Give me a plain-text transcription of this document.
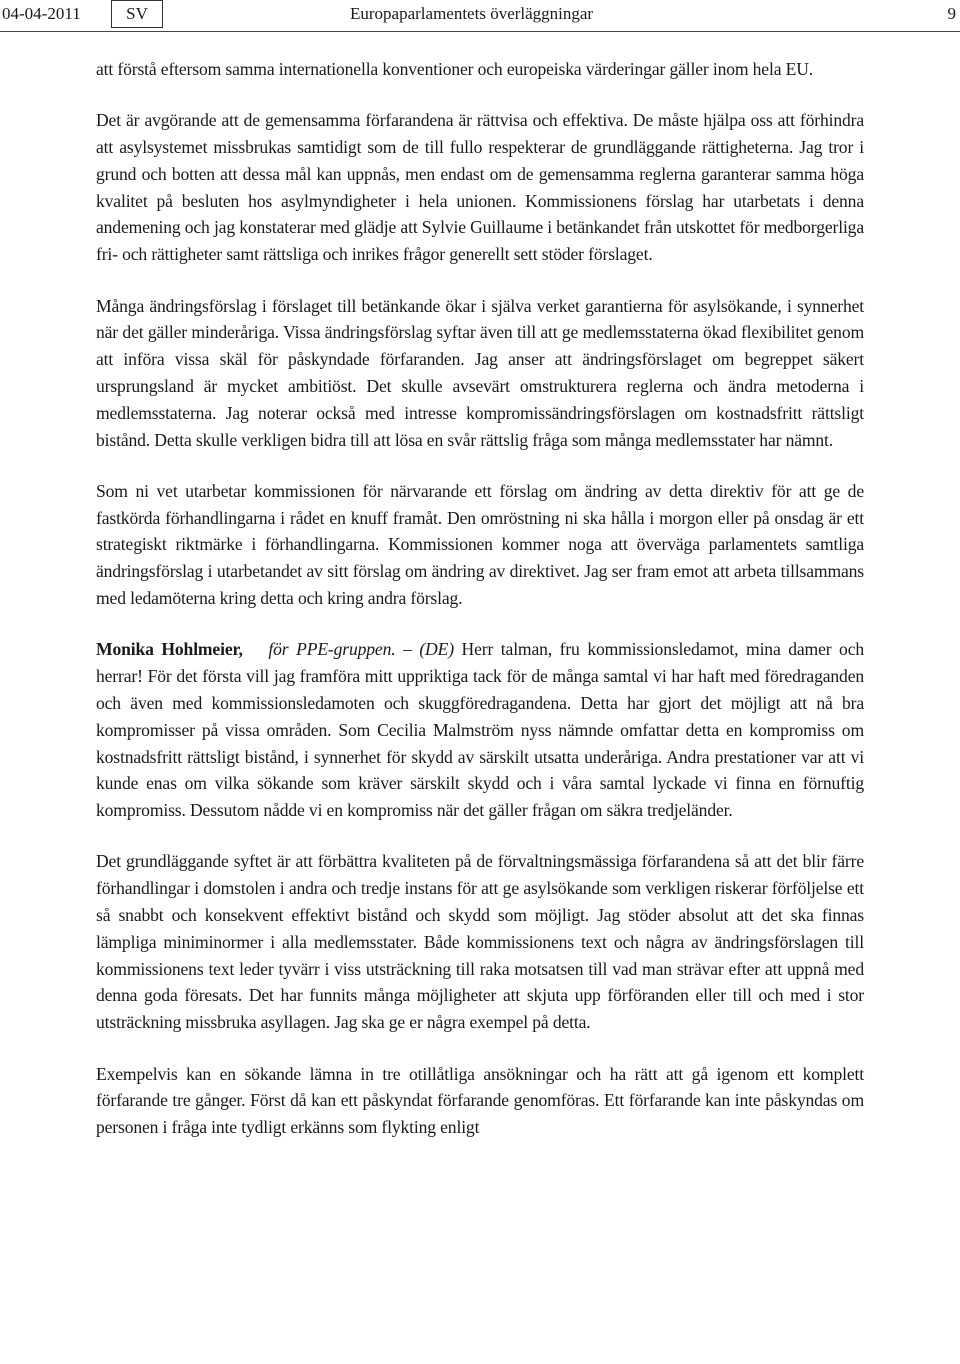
04-04-2011	SV	Europaparlamentets överläggningar	9

att förstå eftersom samma internationella konventioner och europeiska värderingar gäller inom hela EU.

Det är avgörande att de gemensamma förfarandena är rättvisa och effektiva. De måste hjälpa oss att förhindra att asylsystemet missbrukas samtidigt som de till fullo respekterar de grundläggande rättigheterna. Jag tror i grund och botten att dessa mål kan uppnås, men endast om de gemensamma reglerna garanterar samma höga kvalitet på besluten hos asylmyndigheter i hela unionen. Kommissionens förslag har utarbetats i denna andemening och jag konstaterar med glädje att Sylvie Guillaume i betänkandet från utskottet för medborgerliga fri- och rättigheter samt rättsliga och inrikes frågor generellt sett stöder förslaget.

Många ändringsförslag i förslaget till betänkande ökar i själva verket garantierna för asylsökande, i synnerhet när det gäller minderåriga. Vissa ändringsförslag syftar även till att ge medlemsstaterna ökad flexibilitet genom att införa vissa skäl för påskyndade förfaranden. Jag anser att ändringsförslaget om begreppet säkert ursprungsland är mycket ambitiöst. Det skulle avsevärt omstrukturera reglerna och ändra metoderna i medlemsstaterna. Jag noterar också med intresse kompromissändringsförslagen om kostnadsfritt rättsligt bistånd. Detta skulle verkligen bidra till att lösa en svår rättslig fråga som många medlemsstater har nämnt.

Som ni vet utarbetar kommissionen för närvarande ett förslag om ändring av detta direktiv för att ge de fastkörda förhandlingarna i rådet en knuff framåt. Den omröstning ni ska hålla i morgon eller på onsdag är ett strategiskt riktmärke i förhandlingarna. Kommissionen kommer noga att överväga parlamentets samtliga ändringsförslag i utarbetandet av sitt förslag om ändring av direktivet. Jag ser fram emot att arbeta tillsammans med ledamöterna kring detta och kring andra förslag.

Monika Hohlmeier, för PPE-gruppen. – (DE) Herr talman, fru kommissionsledamot, mina damer och herrar! För det första vill jag framföra mitt uppriktiga tack för de många samtal vi har haft med föredraganden och även med kommissionsledamoten och skuggföredragandena. Detta har gjort det möjligt att nå bra kompromisser på vissa områden. Som Cecilia Malmström nyss nämnde omfattar detta en kompromiss om kostnadsfritt rättsligt bistånd, i synnerhet för skydd av särskilt utsatta underåriga. Andra prestationer var att vi kunde enas om vilka sökande som kräver särskilt skydd och i våra samtal lyckade vi finna en förnuftig kompromiss. Dessutom nådde vi en kompromiss när det gäller frågan om säkra tredjeländer.

Det grundläggande syftet är att förbättra kvaliteten på de förvaltningsmässiga förfarandena så att det blir färre förhandlingar i domstolen i andra och tredje instans för att ge asylsökande som verkligen riskerar förföljelse ett så snabbt och konsekvent effektivt bistånd och skydd som möjligt. Jag stöder absolut att det ska finnas lämpliga miniminormer i alla medlemsstater. Både kommissionens text och några av ändringsförslagen till kommissionens text leder tyvärr i viss utsträckning till raka motsatsen till vad man strävar efter att uppnå med denna goda föresats. Det har funnits många möjligheter att skjuta upp förföranden eller till och med i stor utsträckning missbruka asyllagen. Jag ska ge er några exempel på detta.

Exempelvis kan en sökande lämna in tre otillåtliga ansökningar och ha rätt att gå igenom ett komplett förfarande tre gånger. Först då kan ett påskyndat förfarande genomföras. Ett förfarande kan inte påskyndas om personen i fråga inte tydligt erkänns som flykting enligt
